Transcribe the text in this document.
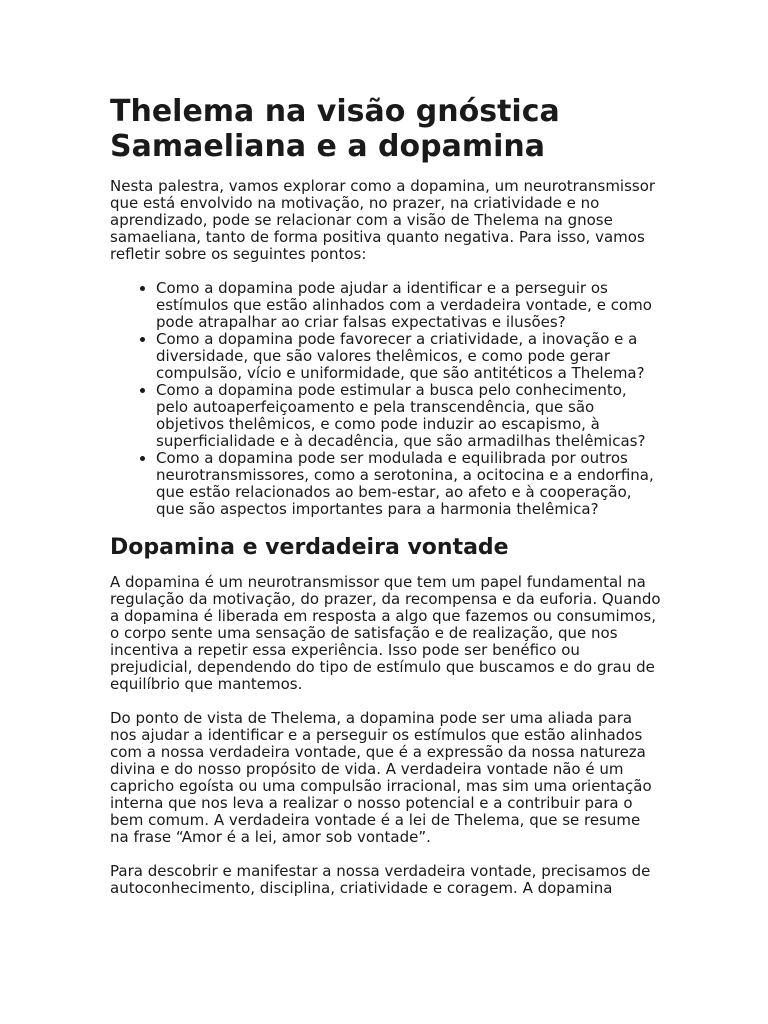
Thelema na visão gnóstica
Samaeliana e a dopamina

Nesta palestra, vamos explorar como a dopamina, um neurotransmissor que está envolvido na motivação, no prazer, na criatividade e no aprendizado, pode se relacionar com a visão de Thelema na gnose samaeliana, tanto de forma positiva quanto negativa. Para isso, vamos refletir sobre os seguintes pontos:

• Como a dopamina pode ajudar a identificar e a perseguir os estímulos que estão alinhados com a verdadeira vontade, e como pode atrapalhar ao criar falsas expectativas e ilusões?
• Como a dopamina pode favorecer a criatividade, a inovação e a diversidade, que são valores thelêmicos, e como pode gerar compulsão, vício e uniformidade, que são antitéticos a Thelema?
• Como a dopamina pode estimular a busca pelo conhecimento, pelo autoaperfeiçoamento e pela transcendência, que são objetivos thelêmicos, e como pode induzir ao escapismo, à superficialidade e à decadência, que são armadilhas thelêmicas?
• Como a dopamina pode ser modulada e equilibrada por outros neurotransmissores, como a serotonina, a ocitocina e a endorfina, que estão relacionados ao bem-estar, ao afeto e à cooperação, que são aspectos importantes para a harmonia thelêmica?
Dopamina e verdadeira vontade

A dopamina é um neurotransmissor que tem um papel fundamental na regulação da motivação, do prazer, da recompensa e da euforia. Quando a dopamina é liberada em resposta a algo que fazemos ou consumimos, o corpo sente uma sensação de satisfação e de realização, que nos incentiva a repetir essa experiência. Isso pode ser benéfico ou prejudicial, dependendo do tipo de estímulo que buscamos e do grau de equilíbrio que mantemos.

Do ponto de vista de Thelema, a dopamina pode ser uma aliada para nos ajudar a identificar e a perseguir os estímulos que estão alinhados com a nossa verdadeira vontade, que é a expressão da nossa natureza divina e do nosso propósito de vida. A verdadeira vontade não é um capricho egoísta ou uma compulsão irracional, mas sim uma orientação interna que nos leva a realizar o nosso potencial e a contribuir para o bem comum. A verdadeira vontade é a lei de Thelema, que se resume na frase “Amor é a lei, amor sob vontade”.

Para descobrir e manifestar a nossa verdadeira vontade, precisamos de autoconhecimento, disciplina, criatividade e coragem. A dopamina
